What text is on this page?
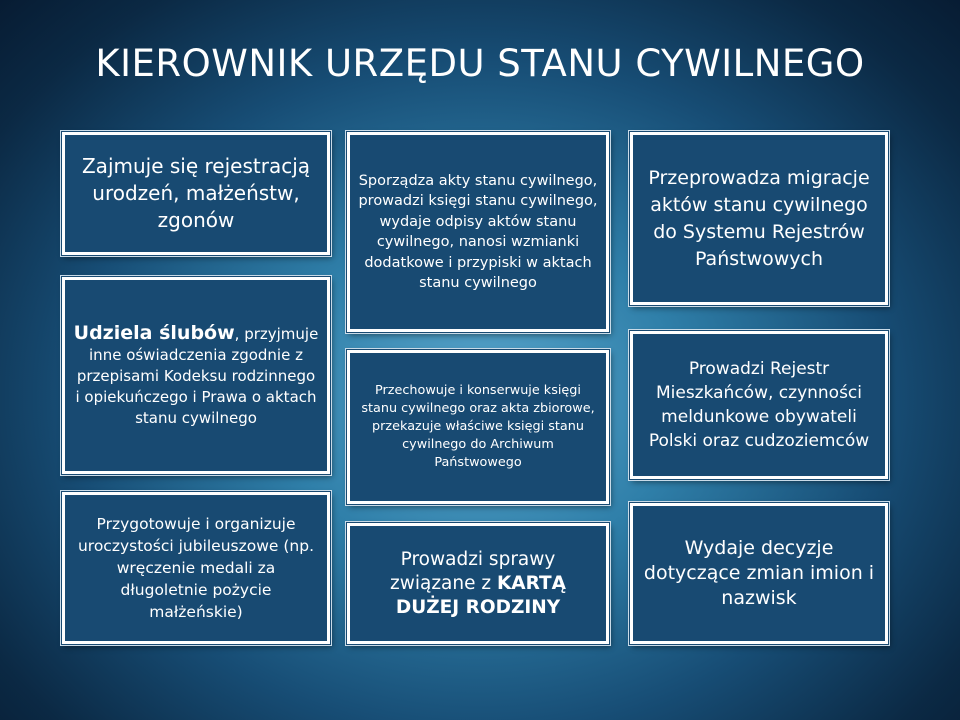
KIEROWNIK URZĘDU STANU CYWILNEGO

Zajmuje się rejestracją urodzeń, małżeństw, zgonów

Udziela ślubów, przyjmuje inne oświadczenia zgodnie z przepisami Kodeksu rodzinnego i opiekuńczego i Prawa o aktach stanu cywilnego

Przygotowuje i organizuje uroczystości jubileuszowe (np. wręczenie medali za długoletnie pożycie małżeńskie)

Sporządza akty stanu cywilnego, prowadzi księgi stanu cywilnego, wydaje odpisy aktów stanu cywilnego, nanosi wzmianki dodatkowe i przypiski w aktach stanu cywilnego

Przechowuje i konserwuje księgi stanu cywilnego oraz akta zbiorowe, przekazuje właściwe księgi stanu cywilnego do Archiwum Państwowego

Prowadzi sprawy związane z KARTĄ DUŻEJ RODZINY

Przeprowadza migracje aktów stanu cywilnego do Systemu Rejestrów Państwowych

Prowadzi Rejestr Mieszkańców, czynności meldunkowe obywateli Polski oraz cudzoziemców

Wydaje decyzje dotyczące zmian imion i nazwisk
